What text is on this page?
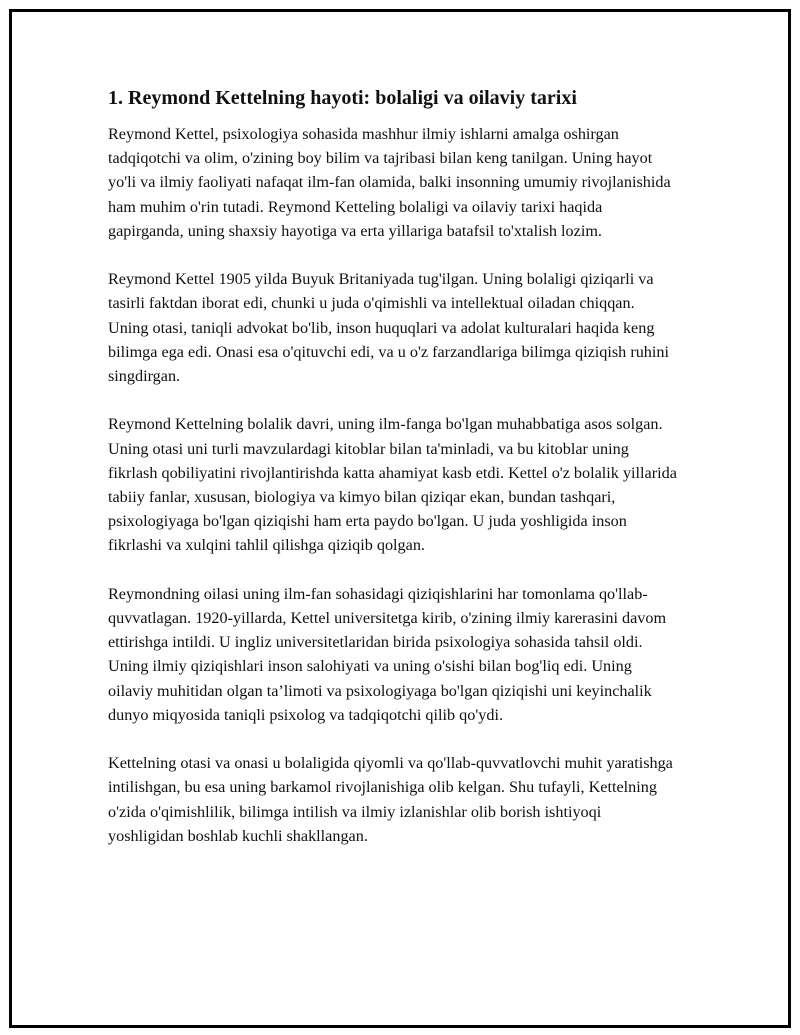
1. Reymond Kettelning hayoti: bolaligi va oilaviy tarixi

Reymond Kettel, psixologiya sohasida mashhur ilmiy ishlarni amalga oshirgan tadqiqotchi va olim, o'zining boy bilim va tajribasi bilan keng tanilgan. Uning hayot yo'li va ilmiy faoliyati nafaqat ilm-fan olamida, balki insonning umumiy rivojlanishida ham muhim o'rin tutadi. Reymond Ketteling bolaligi va oilaviy tarixi haqida gapirganda, uning shaxsiy hayotiga va erta yillariga batafsil to'xtalish lozim.

Reymond Kettel 1905 yilda Buyuk Britaniyada tug'ilgan. Uning bolaligi qiziqarli va tasirli faktdan iborat edi, chunki u juda o'qimishli va intellektual oiladan chiqqan. Uning otasi, taniqli advokat bo'lib, inson huquqlari va adolat kulturalari haqida keng bilimga ega edi. Onasi esa o'qituvchi edi, va u o'z farzandlariga bilimga qiziqish ruhini singdirgan.

Reymond Kettelning bolalik davri, uning ilm-fanga bo'lgan muhabbatiga asos solgan. Uning otasi uni turli mavzulardagi kitoblar bilan ta'minladi, va bu kitoblar uning fikrlash qobiliyatini rivojlantirishda katta ahamiyat kasb etdi. Kettel o'z bolalik yillarida tabiiy fanlar, xususan, biologiya va kimyo bilan qiziqar ekan, bundan tashqari, psixologiyaga bo'lgan qiziqishi ham erta paydo bo'lgan. U juda yoshligida inson fikrlashi va xulqini tahlil qilishga qiziqib qolgan.

Reymondning oilasi uning ilm-fan sohasidagi qiziqishlarini har tomonlama qo'llab-quvvatlagan. 1920-yillarda, Kettel universitetga kirib, o'zining ilmiy karerasini davom ettirishga intildi. U ingliz universitetlaridan birida psixologiya sohasida tahsil oldi. Uning ilmiy qiziqishlari inson salohiyati va uning o'sishi bilan bog'liq edi. Uning oilaviy muhitidan olgan ta’limoti va psixologiyaga bo'lgan qiziqishi uni keyinchalik dunyo miqyosida taniqli psixolog va tadqiqotchi qilib qo'ydi.

Kettelning otasi va onasi u bolaligida qiyomli va qo'llab-quvvatlovchi muhit yaratishga intilishgan, bu esa uning barkamol rivojlanishiga olib kelgan. Shu tufayli, Kettelning o'zida o'qimishlilik, bilimga intilish va ilmiy izlanishlar olib borish ishtiyoqi yoshligidan boshlab kuchli shakllangan.
